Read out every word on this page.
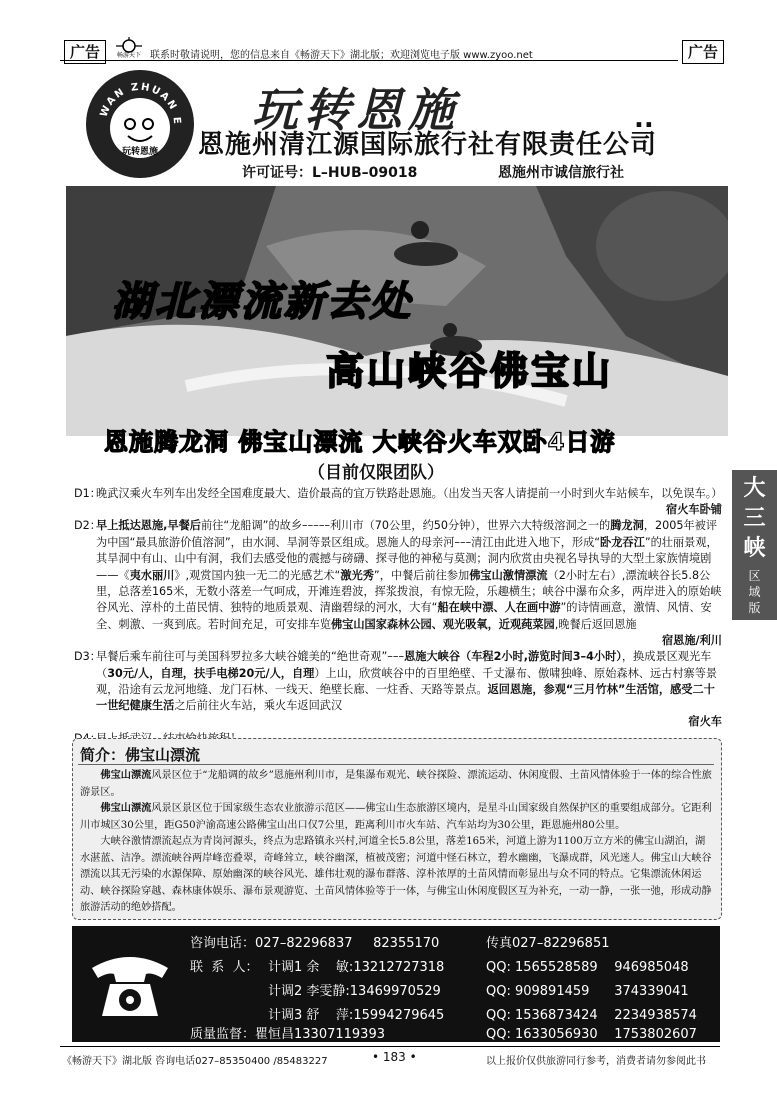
广告	广告
畅游天下 联系时敬请说明，您的信息来自《畅游天下》湖北版；欢迎浏览电子版 www.zyoo.net
WAN ZHUAN E
玩转恩施
玩转恩施	..
恩施州清江源国际旅行社有限责任公司
许可证号：L–HUB–09018	恩施州市诚信旅行社
湖北漂流新去处
高山峡谷佛宝山
恩施腾龙洞 佛宝山漂流 大峡谷火车双卧4日游
（目前仅限团队）
D1：

晚武汉乘火车列车出发经全国难度最大、造价最高的宜万铁路赴恩施。（出发当天客人请提前一小时到火车站候车，以免误车。）

宿火车卧铺
D2：

早上抵达恩施,早餐后前往“龙船调”的故乡–––––利川市（70公里，约50分钟），世界六大特级溶洞之一的腾龙洞，2005年被评为中国“最具旅游价值溶洞”，由水洞、旱洞等景区组成。恩施人的母亲河–––清江由此进入地下，形成“卧龙吞江”的壮丽景观，其旱洞中有山、山中有洞，我们去感受他的震撼与磅礴、探寻他的神秘与莫测；洞内欣赏由央视名导执导的大型土家族情境剧 ——《夷水丽川》,观赏国内独一无二的光感艺术“激光秀”，中餐后前往参加佛宝山激情漂流（2小时左右）,漂流峡谷长5.8公里，总落差165米，无数小落差一气呵成，开滩连碧波，挥浆拨浪，有惊无险，乐趣横生；峡谷中瀑布众多，两岸进入的原始峡谷风光、淳朴的土苗民情、独特的地质景观、清幽碧绿的河水，大有“船在峡中漂、人在画中游”的诗情画意，激情、风情、安全、刺激、一爽到底。若时间充足，可安排车览佛宝山国家森林公园、观光吸氧，近观莼菜园,晚餐后返回恩施

宿恩施/利川
D3：

早餐后乘车前往可与美国科罗拉多大峡谷媲美的“绝世奇观”–––恩施大峡谷（车程2小时,游览时间3–4小时），换成景区观光车（30元/人，自理，扶手电梯20元/人，自理）上山，欣赏峡谷中的百里绝壁、千丈瀑布、傲啸独峰、原始森林、远古村寨等景观，沿途有云龙河地缝、龙门石林、一线天、绝壁长廊、一炷香、天路等景点。返回恩施，参观“三月竹林”生活馆，感受二十一世纪健康生活之后前往火车站，乘火车返回武汉

宿火车

简介：佛宝山漂流

佛宝山漂流风景区位于“龙船调的故乡”恩施州利川市，是集瀑布观光、峡谷探险、漂流运动、休闲度假、土苗风情体验于一体的综合性旅游景区。

佛宝山漂流风景区景区位于国家级生态农业旅游示范区——佛宝山生态旅游区境内，是星斗山国家级自然保护区的重要组成部分。它距利川市城区30公里，距G50沪渝高速公路佛宝山出口仅7公里，距离利川市火车站、汽车站均为30公里，距恩施州80公里。

大峡谷激情漂流起点为青岗河源头，终点为忠路镇永兴村,河道全长5.8公里，落差165米，河道上游为1100万立方米的佛宝山湖泊，湖水湛蓝、洁净。漂流峡谷两岸峰峦叠翠，奇峰耸立，峡谷幽深，植被茂密；河道中怪石林立，碧水幽幽，飞瀑成群，风光迷人。佛宝山大峡谷漂流以其无污染的水源保障、原始幽深的峡谷风光、雄伟壮观的瀑布群落、淳朴浓厚的土苗风情而彰显出与众不同的特点。它集漂流休闲运动、峡谷探险穿越、森林康体娱乐、瀑布景观游览、土苗风情体验等于一体，与佛宝山休闲度假区互为补充，一动一静，一张一弛，形成动静旅游活动的绝妙搭配。

咨询电话：027–82296837     82355170	传真027–82296851
联  系  人： 计调1 余    敏:13212727318	QQ: 1565528589    946985048
计调2 李雯静:13469970529	QQ: 909891459      374339041
计调3 舒    萍:15994279645	QQ: 1536873424    2234938574
质量监督：瞿恒昌13307119393	QQ: 1633056930    1753802607
《畅游天下》湖北版 咨询电话027–85350400 /85483227	• 183 •	以上报价仅供旅游同行参考，消费者请勿参阅此书
大
三
峡
区
域
版
